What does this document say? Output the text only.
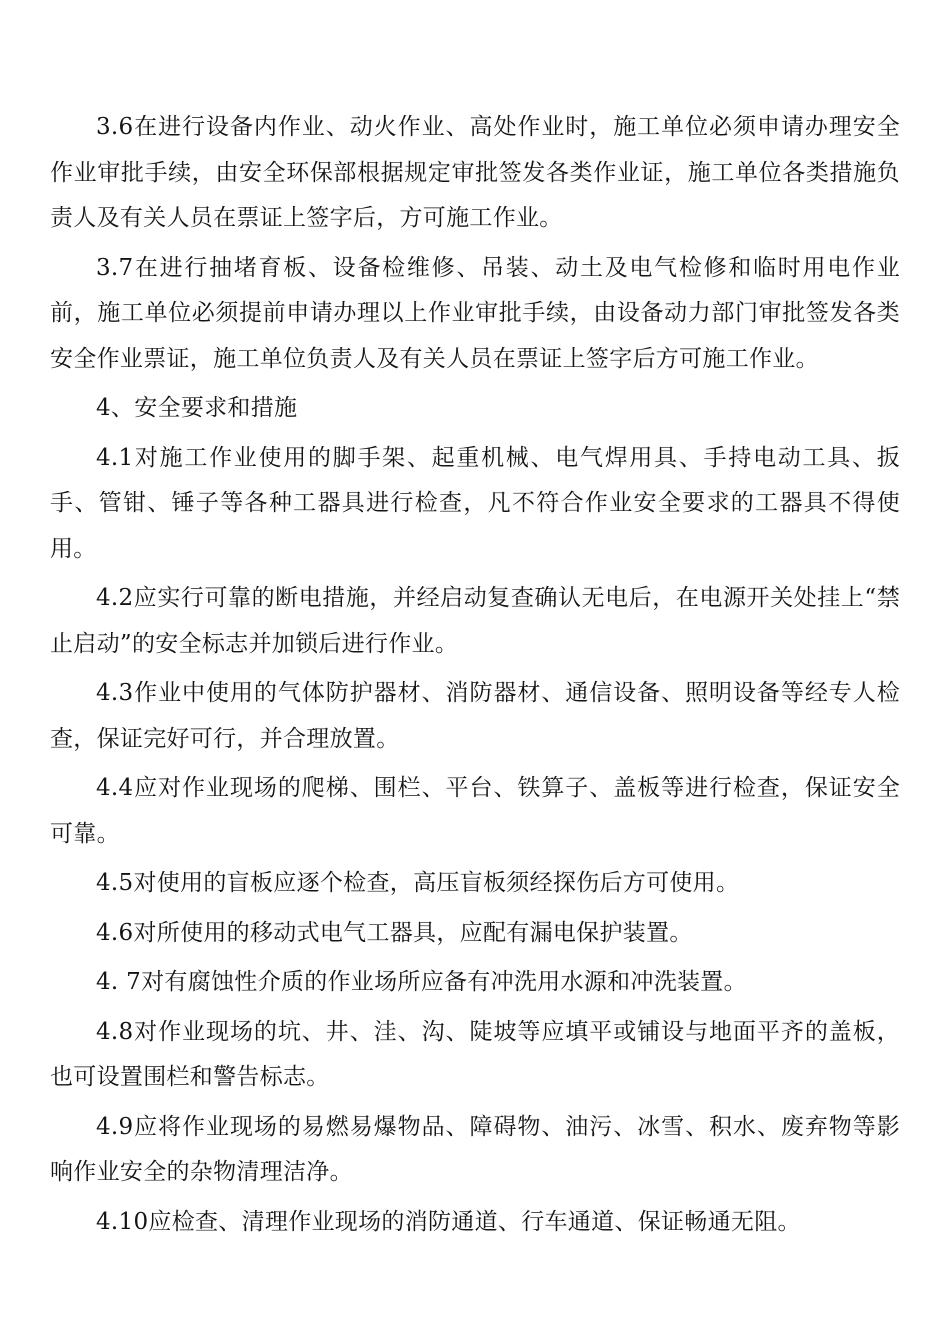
3.6在进行设备内作业、动火作业、高处作业时，施工单位必须申请办理安全作业审批手续，由安全环保部根据规定审批签发各类作业证，施工单位各类措施负责人及有关人员在票证上签字后，方可施工作业。

3.7在进行抽堵育板、设备检维修、吊装、动土及电气检修和临时用电作业前，施工单位必须提前申请办理以上作业审批手续，由设备动力部门审批签发各类安全作业票证，施工单位负责人及有关人员在票证上签字后方可施工作业。

4、安全要求和措施

4.1对施工作业使用的脚手架、起重机械、电气焊用具、手持电动工具、扳手、管钳、锤子等各种工器具进行检查，凡不符合作业安全要求的工器具不得使用。

4.2应实行可靠的断电措施，并经启动复查确认无电后，在电源开关处挂上“禁止启动”的安全标志并加锁后进行作业。

4.3作业中使用的气体防护器材、消防器材、通信设备、照明设备等经专人检查，保证完好可行，并合理放置。

4.4应对作业现场的爬梯、围栏、平台、铁算子、盖板等进行检查，保证安全可靠。

4.5对使用的盲板应逐个检查，高压盲板须经探伤后方可使用。

4.6对所使用的移动式电气工器具，应配有漏电保护装置。

4. 7对有腐蚀性介质的作业场所应备有冲洗用水源和冲洗装置。

4.8对作业现场的坑、井、洼、沟、陡坡等应填平或铺设与地面平齐的盖板，也可设置围栏和警告标志。

4.9应将作业现场的易燃易爆物品、障碍物、油污、冰雪、积水、废弃物等影响作业安全的杂物清理洁净。

4.10应检查、清理作业现场的消防通道、行车通道、保证畅通无阻。
